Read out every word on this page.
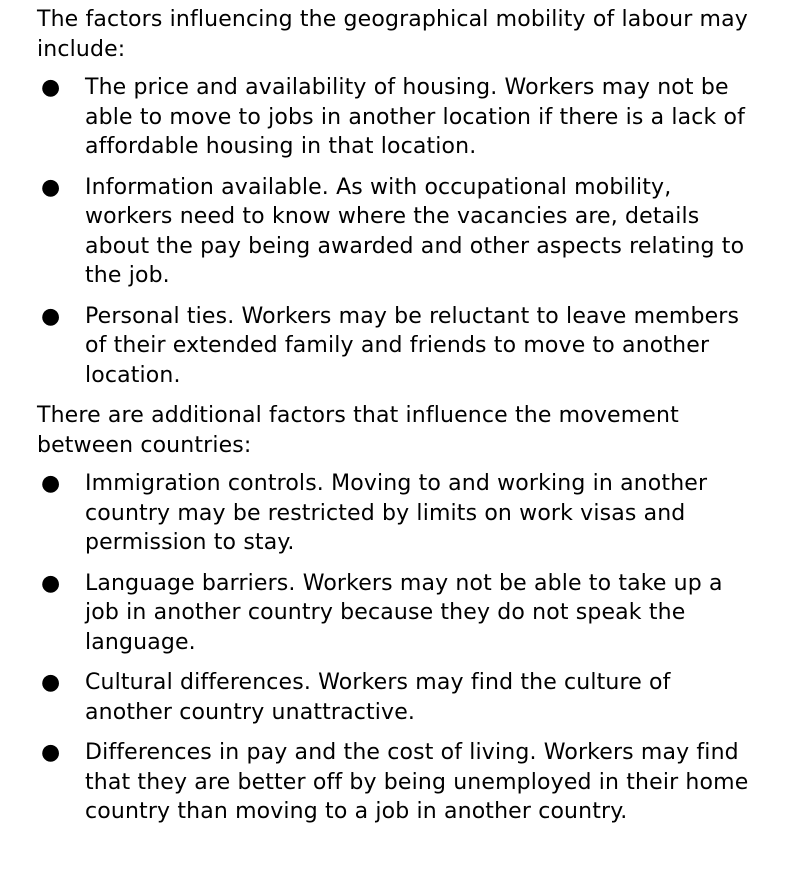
The factors influencing the geographical mobility of labour may include:

● The price and availability of housing. Workers may not be able to move to jobs in another location if there is a lack of affordable housing in that location.
● Information available. As with occupational mobility, workers need to know where the vacancies are, details about the pay being awarded and other aspects relating to the job.
● Personal ties. Workers may be reluctant to leave members of their extended family and friends to move to another location.

There are additional factors that influence the movement between countries:

● Immigration controls. Moving to and working in another country may be restricted by limits on work visas and permission to stay.
● Language barriers. Workers may not be able to take up a job in another country because they do not speak the language.
● Cultural differences. Workers may find the culture of another country unattractive.
● Differences in pay and the cost of living. Workers may find that they are better off by being unemployed in their home country than moving to a job in another country.
